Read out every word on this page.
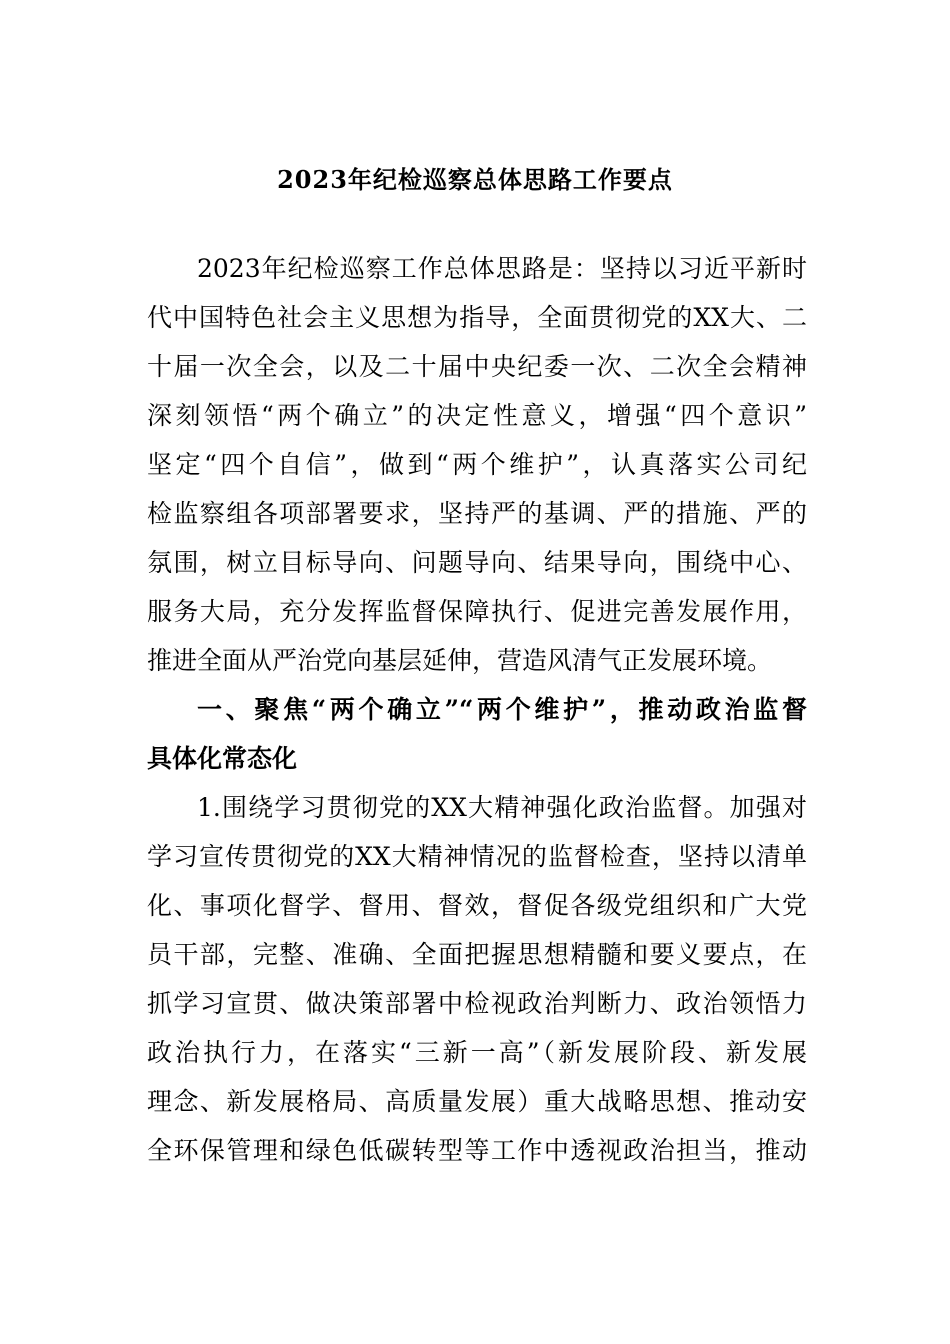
2023年纪检巡察总体思路工作要点
2023年纪检巡察工作总体思路是：坚持以习近平新时
代中国特色社会主义思想为指导，全面贯彻党的XX大、二
十届一次全会，以及二十届中央纪委一次、二次全会精神
深刻领悟“两个确立”的决定性意义，增强“四个意识”
坚定“四个自信”，做到“两个维护”，认真落实公司纪
检监察组各项部署要求，坚持严的基调、严的措施、严的
氛围，树立目标导向、问题导向、结果导向，围绕中心、
服务大局，充分发挥监督保障执行、促进完善发展作用，
推进全面从严治党向基层延伸，营造风清气正发展环境。
一、聚焦“两个确立”“两个维护”，推动政治监督
具体化常态化
1.围绕学习贯彻党的XX大精神强化政治监督。加强对
学习宣传贯彻党的XX大精神情况的监督检查，坚持以清单
化、事项化督学、督用、督效，督促各级党组织和广大党
员干部，完整、准确、全面把握思想精髓和要义要点，在
抓学习宣贯、做决策部署中检视政治判断力、政治领悟力
政治执行力，在落实“三新一高”（新发展阶段、新发展
理念、新发展格局、高质量发展）重大战略思想、推动安
全环保管理和绿色低碳转型等工作中透视政治担当，推动
